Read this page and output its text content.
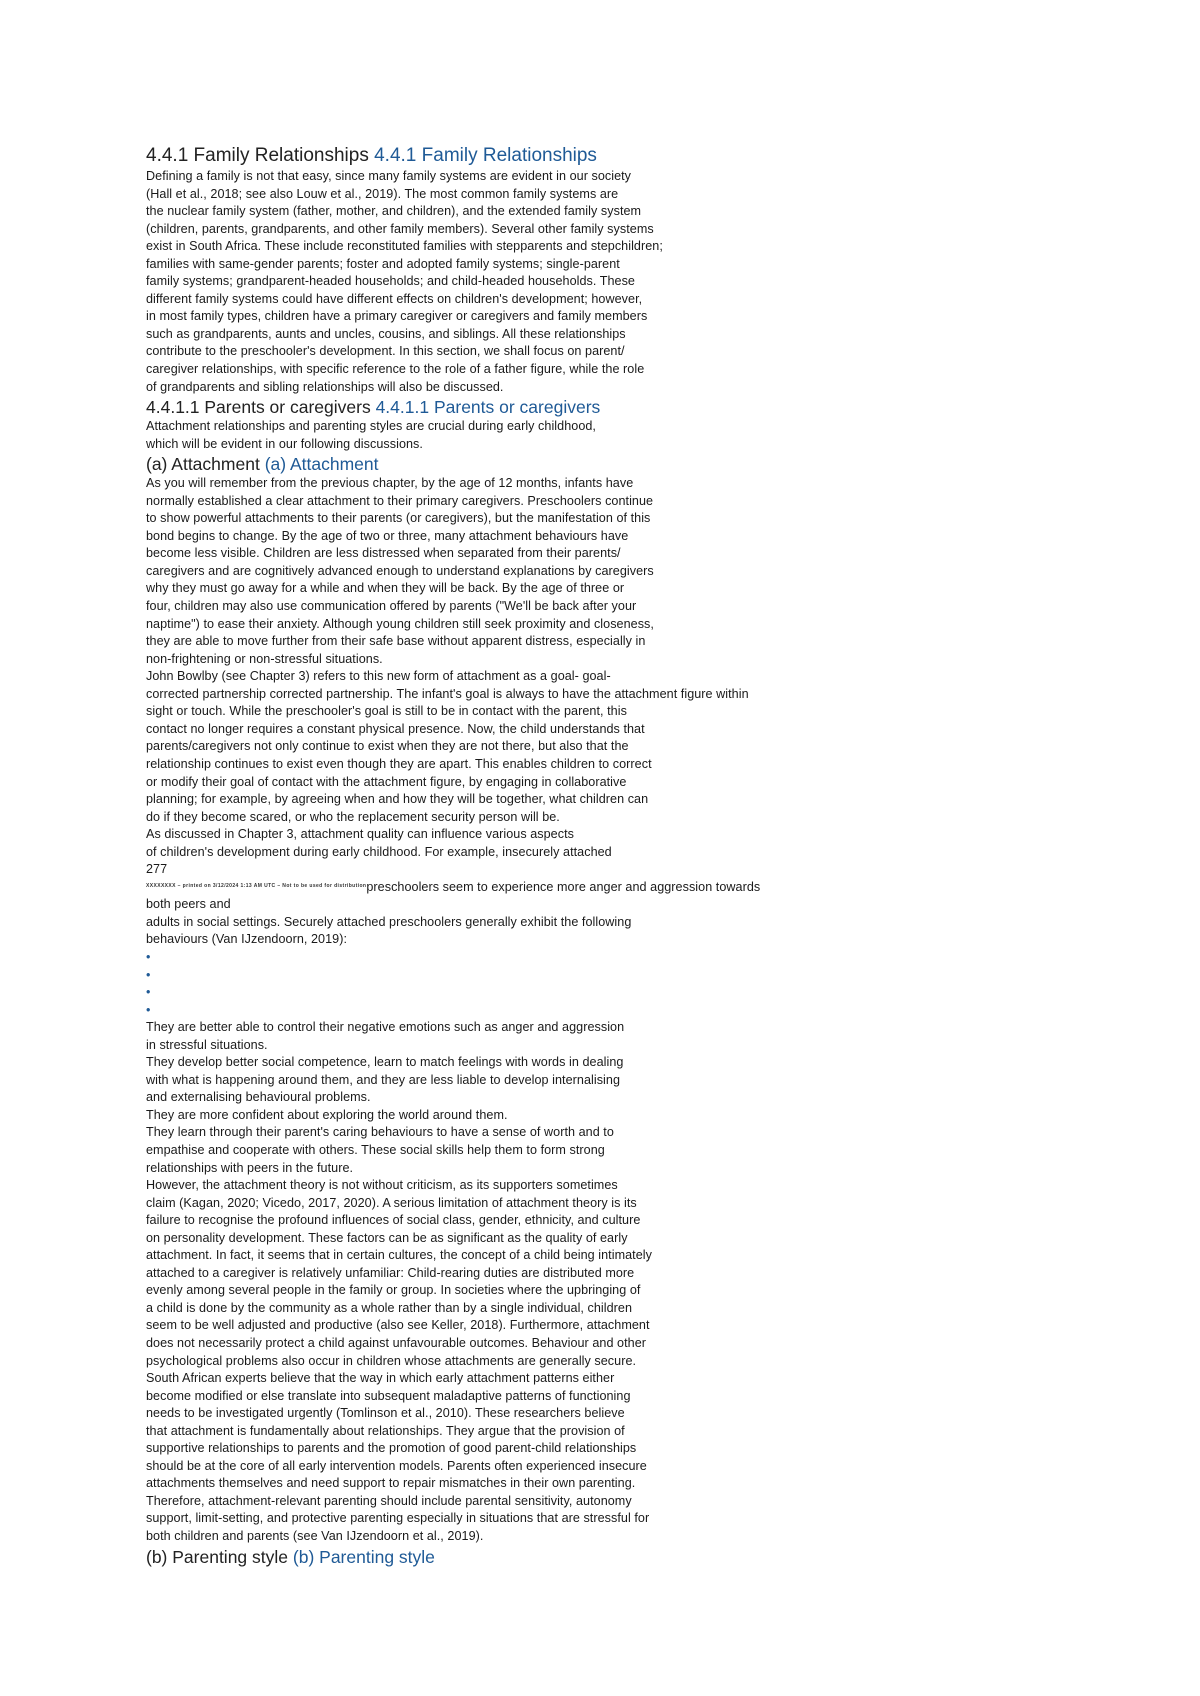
4.4.1 Family Relationships 4.4.1 Family Relationships
Defining a family is not that easy, since many family systems are evident in our society
(Hall et al., 2018; see also Louw et al., 2019). The most common family systems are
the nuclear family system (father, mother, and children), and the extended family system
(children, parents, grandparents, and other family members). Several other family systems
exist in South Africa. These include reconstituted families with stepparents and stepchildren;
families with same-gender parents; foster and adopted family systems; single-parent
family systems; grandparent-headed households; and child-headed households. These
different family systems could have different effects on children's development; however,
in most family types, children have a primary caregiver or caregivers and family members
such as grandparents, aunts and uncles, cousins, and siblings. All these relationships
contribute to the preschooler's development. In this section, we shall focus on parent/
caregiver relationships, with specific reference to the role of a father figure, while the role
of grandparents and sibling relationships will also be discussed.
4.4.1.1 Parents or caregivers 4.4.1.1 Parents or caregivers
Attachment relationships and parenting styles are crucial during early childhood,
which will be evident in our following discussions.
(a) Attachment (a) Attachment
As you will remember from the previous chapter, by the age of 12 months, infants have
normally established a clear attachment to their primary caregivers. Preschoolers continue
to show powerful attachments to their parents (or caregivers), but the manifestation of this
bond begins to change. By the age of two or three, many attachment behaviours have
become less visible. Children are less distressed when separated from their parents/
caregivers and are cognitively advanced enough to understand explanations by caregivers
why they must go away for a while and when they will be back. By the age of three or
four, children may also use communication offered by parents ("We'll be back after your
naptime") to ease their anxiety. Although young children still seek proximity and closeness,
they are able to move further from their safe base without apparent distress, especially in
non-frightening or non-stressful situations.
John Bowlby (see Chapter 3) refers to this new form of attachment as a goal- goal-
corrected partnership corrected partnership. The infant's goal is always to have the attachment figure within
sight or touch. While the preschooler's goal is still to be in contact with the parent, this
contact no longer requires a constant physical presence. Now, the child understands that
parents/caregivers not only continue to exist when they are not there, but also that the
relationship continues to exist even though they are apart. This enables children to correct
or modify their goal of contact with the attachment figure, by engaging in collaborative
planning; for example, by agreeing when and how they will be together, what children can
do if they become scared, or who the replacement security person will be.
As discussed in Chapter 3, attachment quality can influence various aspects
of children's development during early childhood. For example, insecurely attached
277
XXXXXXXX – printed on 3/12/2024 1:13 AM UTC – Not to be used for distributionpreschoolers seem to experience more anger and aggression towards
both peers and
adults in social settings. Securely attached preschoolers generally exhibit the following
behaviours (Van IJzendoorn, 2019):
•
•
•
•
They are better able to control their negative emotions such as anger and aggression
in stressful situations.
They develop better social competence, learn to match feelings with words in dealing
with what is happening around them, and they are less liable to develop internalising
and externalising behavioural problems.
They are more confident about exploring the world around them.
They learn through their parent's caring behaviours to have a sense of worth and to
empathise and cooperate with others. These social skills help them to form strong
relationships with peers in the future.
However, the attachment theory is not without criticism, as its supporters sometimes
claim (Kagan, 2020; Vicedo, 2017, 2020). A serious limitation of attachment theory is its
failure to recognise the profound influences of social class, gender, ethnicity, and culture
on personality development. These factors can be as significant as the quality of early
attachment. In fact, it seems that in certain cultures, the concept of a child being intimately
attached to a caregiver is relatively unfamiliar: Child-rearing duties are distributed more
evenly among several people in the family or group. In societies where the upbringing of
a child is done by the community as a whole rather than by a single individual, children
seem to be well adjusted and productive (also see Keller, 2018). Furthermore, attachment
does not necessarily protect a child against unfavourable outcomes. Behaviour and other
psychological problems also occur in children whose attachments are generally secure.
South African experts believe that the way in which early attachment patterns either
become modified or else translate into subsequent maladaptive patterns of functioning
needs to be investigated urgently (Tomlinson et al., 2010). These researchers believe
that attachment is fundamentally about relationships. They argue that the provision of
supportive relationships to parents and the promotion of good parent-child relationships
should be at the core of all early intervention models. Parents often experienced insecure
attachments themselves and need support to repair mismatches in their own parenting.
Therefore, attachment-relevant parenting should include parental sensitivity, autonomy
support, limit-setting, and protective parenting especially in situations that are stressful for
both children and parents (see Van IJzendoorn et al., 2019).
(b) Parenting style (b) Parenting style
